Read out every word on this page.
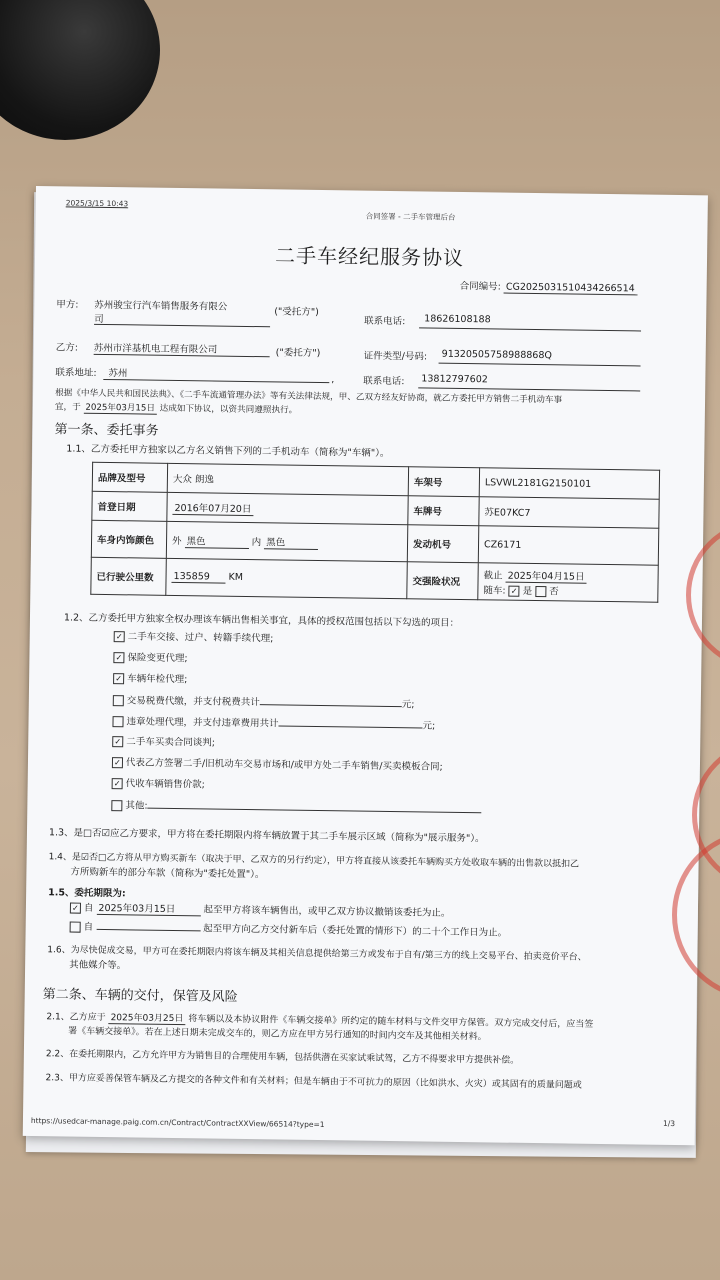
2025/3/15 10:43
合同签署 - 二手车管理后台
二手车经纪服务协议
合同编号: CG2025031510434266514
甲方: 苏州骏宝行汽车销售服务有限公
司
("受托方")
联系电话: 18626108188
乙方: 苏州市洋基机电工程有限公司	("委托方")	证件类型/号码: 91320505758988868Q
联系地址: 苏州
,	联系电话: 13812797602
根据《中华人民共和国民法典》、《二手车流通管理办法》等有关法律法规，甲、乙双方经友好协商，就乙方委托甲方销售二手机动车事
宜，于 2025年03月15日 达成如下协议，以资共同遵照执行。
第一条、委托事务
1.1、乙方委托甲方独家以乙方名义销售下列的二手机动车（简称为"车辆"）。
品牌及型号	大众 朗逸	车架号	LSVWL2181G2150101
首登日期	2016年07月20日	车牌号	苏E07KC7
车身内饰颜色	外 黑色 内 黑色	发动机号	CZ6171
已行驶公里数	135859 KM	交强险状况	截止 2025年04月15日
随车: ✓ 是 否
1.2、乙方委托甲方独家全权办理该车辆出售相关事宜，具体的授权范围包括以下勾选的项目：
✓ 二手车交接、过户、转籍手续代理;
✓ 保险变更代理;
✓ 车辆年检代理;
交易税费代缴，并支付税费共计	元;
违章处理代理，并支付违章费用共计	元;
✓ 二手车买卖合同谈判;
✓ 代表乙方签署二手/旧机动车交易市场和/或甲方处二手车销售/买卖模板合同;
✓ 代收车辆销售价款;
其他:
1.3、是□否☑应乙方要求，甲方将在委托期限内将车辆放置于其二手车展示区域（简称为"展示服务"）。
1.4、是☑否□乙方将从甲方购买新车（取决于甲、乙双方的另行约定），甲方将直接从该委托车辆购买方处收取车辆的出售款以抵扣乙
方所购新车的部分车款（简称为"委托处置"）。
1.5、委托期限为:
✓ 自 2025年03月15日	起至甲方将该车辆售出，或甲乙双方协议撤销该委托为止。
自	起至甲方向乙方交付新车后（委托处置的情形下）的二十个工作日为止。
1.6、为尽快促成交易，甲方可在委托期限内将该车辆及其相关信息提供给第三方或发布于自有/第三方的线上交易平台、拍卖竞价平台、
其他媒介等。
第二条、车辆的交付，保管及风险
2.1、乙方应于 2025年03月25日 将车辆以及本协议附件《车辆交接单》所约定的随车材料与文件交甲方保管。双方完成交付后，应当签
署《车辆交接单》。若在上述日期未完成交车的，则乙方应在甲方另行通知的时间内交车及其他相关材料。
2.2、在委托期限内，乙方允许甲方为销售目的合理使用车辆，包括供潜在买家试乘试驾，乙方不得要求甲方提供补偿。
2.3、甲方应妥善保管车辆及乙方提交的各种文件和有关材料；但是车辆由于不可抗力的原因（比如洪水、火灾）或其固有的质量问题或
https://usedcar-manage.paig.com.cn/Contract/ContractXXView/66514?type=1	1/3
